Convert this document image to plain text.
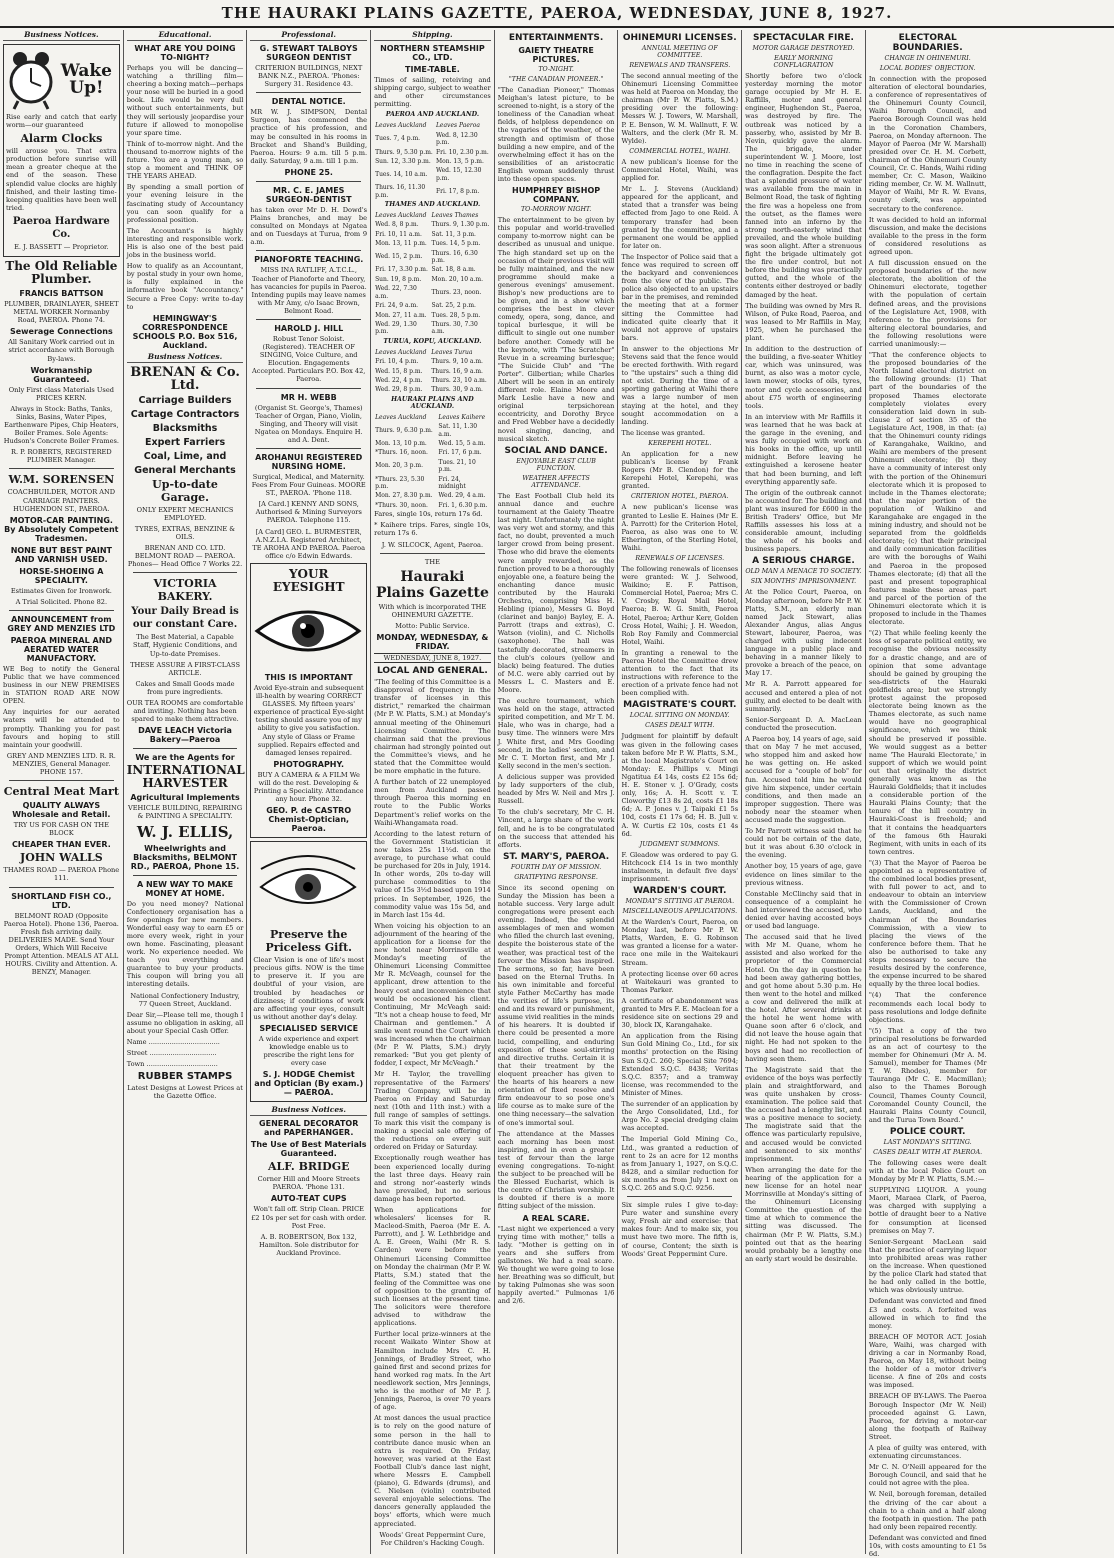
THE HAURAKI PLAINS GAZETTE, PAEROA, WEDNESDAY, JUNE 8, 1927.
Business Notices.
Wake Up!
Rise early and catch that early worm—our guaranteed
Alarm Clocks
will arouse you. That extra production before sunrise will mean a greater cheque at the end of the season. These splendid value clocks are highly finished, and their lasting time-keeping qualities have been well tried.
Paeroa Hardware Co.
E. J. BASSETT — Proprietor.
The Old Reliable Plumber.
FRANCIS BATTSON
PLUMBER, DRAINLAYER, SHEET METAL WORKER Normanby Road, PAEROA. Phone 74.
Sewerage Connections
All Sanitary Work carried out in strict accordance with Borough By-laws.
Workmanship Guaranteed.
Only First class Materials Used PRICES KERN.
Always in Stock: Baths, Tanks, Sinks, Basins, Water Pipes, Earthenware Pipes, Chip Heaters, Boiler Frames. Sole Agents: Hudson's Concrete Boiler Frames.
R. P. ROBERTS, REGISTERED PLUMBER Manager.
W.M. SORENSEN
COACHBUILDER, MOTOR AND CARRIAGE PAINTERS. HUGHENDON ST., PAEROA.
MOTOR-CAR PAINTING. By Absolutely Competent Tradesmen.
NONE BUT BEST PAINT AND VARNISH USED.
HORSE-SHOEING A SPECIALITY.
Estimates Given for Ironwork.
A Trial Solicited. Phone 82.
ANNOUNCEMENT from GREY AND MENZIES LTD
PAEROA MINERAL AND AERATED WATER MANUFACTORY.
WE Beg to notify the General Public that we have commenced business in our NEW PREMISES in STATION ROAD ARE NOW OPEN.
Any inquiries for our aerated waters will be attended to promptly. Thanking you for past favours and hoping to still maintain your goodwill.
GREY AND MENZIES LTD. R. R. MENZIES, General Manager. PHONE 157.
Central Meat Mart
QUALITY ALWAYS Wholesale and Retail.
TRY US FOR CASH ON THE BLOCK
CHEAPER THAN EVER.
JOHN WALLS
THAMES ROAD — PAEROA Phone 111.
SHORTLAND FISH CO., LTD.
BELMONT ROAD (Opposite Paeroa Hotel). Phone 136, Paeroa. Fresh fish arriving daily. DELIVERIES MADE. Send Your Orders, Which Will Receive Prompt Attention. MEALS AT ALL HOURS. Civility and Attention. A. BENZY, Manager.
Educational.
WHAT ARE YOU DOING TO-NIGHT?
Perhaps you will be dancing—watching a thrilling film—cheering a boxing match—perhaps your nose will be buried in a good book. Life would be very dull without such entertainments, but they will seriously jeopardise your future if allowed to monopolise your spare time.
Think of to-morrow night. And the thousand to-morrow nights of the future. You are a young man, so stop a moment and THINK OF THE YEARS AHEAD.
By spending a small portion of your evening leisure in the fascinating study of Accountancy you can soon qualify for a professional position.
The Accountant's is highly interesting and responsible work. His is also one of the best paid jobs in the business world.
How to qualify as an Accountant, by postal study in your own home, is fully explained in the informative book "Accountancy." Secure a Free Copy: write to-day to
HEMINGWAY'S CORRESPONDENCE SCHOOLS P.O. Box 516, Auckland.
Business Notices.
BRENAN & Co. Ltd.
Carriage Builders
Cartage Contractors
Blacksmiths
Expert Farriers
Coal, Lime, and
General Merchants
Up-to-date Garage.
ONLY EXPERT MECHANICS EMPLOYED.
TYRES, EXTRAS, BENZINE & OILS.
BRENAN AND CO. LTD. BELMONT ROAD — PAEROA. Phones— Head Office 7 Works 22.
VICTORIA BAKERY.
Your Daily Bread is our constant Care.
The Best Material, a Capable Staff, Hygienic Conditions, and Up-to-date Premises.
THESE ASSURE A FIRST-CLASS ARTICLE.
Cakes and Small Goods made from pure ingredients.
OUR TEA ROOMS are comfortable and inviting. Nothing has been spared to make them attractive.
DAVE LEACH Victoria Bakery—Paeroa
We are the Agents for
INTERNATIONAL HARVESTER
Agricultural Implements
VEHICLE BUILDING, REPAIRING & PAINTING A SPECIALITY.
W. J. ELLIS,
Wheelwrights and Blacksmiths, BELMONT RD., PAEROA, Phone 15.
A NEW WAY TO MAKE MONEY AT HOME.
Do you need money? National Confectionery organisation has a few openings for new members. Wonderful easy way to earn £5 or more every week, right in your own home. Fascinating, pleasant work. No experience needed. We teach you everything and guarantee to buy your products. This coupon will bring you all interesting details.
National Confectionery Industry, 77 Queen Street, Auckland.
Dear Sir,—Please tell me, though I assume no obligation in asking, all about your Special Cash Offer.
Name ..................................
Street ................................
Town ..................................
RUBBER STAMPS
Latest Designs at Lowest Prices at the Gazette Office.
Professional.
G. STEWART TALBOYS SURGEON DENTIST
CRITERION BUILDINGS, NEXT BANK N.Z., PAEROA. 'Phones: Surgery 31. Residence 43.
DENTAL NOTICE.
MR W. J. SIMPSON, Dental Surgeon, has commenced the practice of his profession, and may be consulted in his rooms in Bracket and Shand's Building, Paeroa. Hours: 9 a.m. till 5 p.m. daily. Saturday, 9 a.m. till 1 p.m.
PHONE 25.
MR. C. E. JAMES SURGEON-DENTIST
has taken over Mr D. H. Dowd's Plains branches, and may be consulted on Mondays at Ngatea and on Tuesdays at Turua, from 9 a.m.
PIANOFORTE TEACHING.
MISS INA RATLIFF, A.T.C.L., Teacher of Pianoforte and Theory, has vacancies for pupils in Paeroa. Intending pupils may leave names with Mr Amy, c/o Isaac Brown, Belmont Road.
HAROLD J. HILL
Robust Tenor Soloist. (Registered). TEACHER OF SINGING, Voice Culture, and Elocution. Engagements Accepted. Particulars P.O. Box 42, Paeroa.
MR H. WEBB
(Organist St. George's, Thames) Teacher of Organ, Piano, Violin, Singing, and Theory will visit Ngatea on Mondays. Enquire H. and A. Dent.
AROHANUI REGISTERED NURSING HOME.
Surgical, Medical, and Maternity. Fees From Four Guineas. MOORE ST., PAEROA. 'Phone 118.
[A Card.] KENNY AND SONS, Authorised & Mining Surveyors PAEROA. Telephone 115.
[A Card] GEO. L. BURMESTER, A.N.Z.I.A. Registered Architect, TE AROHA AND PAEROA. Paeroa office c/o Edwin Edwards.
YOUR EYESIGHT
THIS IS IMPORTANT
Avoid Eye-strain and subsequent ill-health by wearing CORRECT GLASSES. My fifteen years' experience of practical Eye-sight testing should assure you of my ability to give you satisfaction. Any style of Glass or Frame supplied. Repairs effected and damaged lenses repaired.
PHOTOGRAPHY.
BUY A CAMERA & A FILM We will do the rest. Developing & Printing a Speciality. Attendance any hour. Phone 32.
GEO. P. de CASTRO Chemist-Optician, Paeroa.
Preserve the Priceless Gift.
Clear Vision is one of life's most precious gifts. NOW is the time to preserve it. If you are doubtful of your vision, are troubled by headaches or dizziness; if conditions of work are affecting your eyes, consult us without another day's delay.
SPECIALISED SERVICE
A wide experience and expert knowledge enable us to prescribe the right lens for every case
S. J. HODGE Chemist and Optician (By exam.) — PAEROA.
Business Notices.
GENERAL DECORATOR and PAPERHANGER.
The Use of Best Materials Guaranteed.
ALF. BRIDGE
Corner Hill and Moore Streets PAEROA. 'Phone 131.
AUTO-TEAT CUPS
Won't fall off. Strip Clean. PRICE £2 10s per set for cash with order. Post Free.
A. B. ROBERTSON, Box 132, Hamilton. Sole distributor for Auckland Province.
Shipping.
NORTHERN STEAMSHIP CO., LTD.
TIME-TABLE.
Times of sailing, reteiving and shipping cargo, subject to weather and other circumstances permitting.
PAEROA AND AUCKLAND.
Leaves Auckland	Leaves Paeroa
Tues. 7, 4 p.m.	Wed. 8, 12.30 p.m.
Thurs. 9, 5.30 p.m.	Fri. 10, 2.30 p.m.
Sun. 12, 3.30 p.m.	Mon. 13, 5 p.m.
Tues. 14, 10 a.m.	Wed. 15, 12.30 p.m.
Thurs. 16, 11.30 p.m.	Fri. 17, 8 p.m.
THAMES AND AUCKLAND.
Leaves Auckland	Leaves Thames
Wed. 8, 8 p.m.	Thurs. 9, 1.30 p.m.
Fri. 10, 11 a.m.	Sat. 11, 3 p.m.
Mon. 13, 11 p.m.	Tues. 14, 5 p.m.
Wed. 15, 2 p.m.	Thurs. 16, 6.30 p.m.
Fri. 17, 3.30 p.m.	Sat. 18, 8 a.m.
Sun. 19, 8 p.m.	Mon. 20, 10 a.m.
Wed. 22, 7.30 a.m.	Thurs. 23, noon.
Fri. 24, 9 a.m.	Sat. 25, 2 p.m.
Mon. 27, 11 a.m.	Tues. 28, 5 p.m.
Wed. 29, 1.30 p.m.	Thurs. 30, 7.30 a.m.
TURUA, KOPU, AUCKLAND.
Leaves Auckland	Leaves Turua
Fri. 10, 4 p.m.	Thurs. 9, 10 a.m.
Wed. 15, 8 p.m.	Thurs. 16, 9 a.m.
Wed. 22, 4 p.m.	Thurs. 23, 10 a.m.
Wed. 29, 8 p.m.	Thurs. 30, 9 a.m.
HAURAKI PLAINS AND AUCKLAND.
Leaves Auckland	Leaves Kaihere
Thurs. 9, 6.30 p.m.	Sat. 11, 1.30 a.m.
Mon. 13, 10 p.m.	Wed. 15, 5 a.m.
*Thurs. 16, noon.	Fri. 17, 6 p.m.
Mon. 20, 3 p.m.	Tues. 21, 10 p.m.
*Thurs. 23, 5.30 p.m.	Fri. 24, midnight
Mon. 27, 8.30 p.m.	Wed. 29, 4 a.m.
*Thurs. 30, noon.	Fri. 1, 6.30 p.m.
Fares, single 10s, return 17s 6d.
* Kaihere trips. Fares, single 10s, return 17s 6.
J. W. SILCOCK, Agent, Paeroa.
THE
Hauraki Plains Gazette
With which is incorporated THE OHINEMURI GAZETTE.
Motto: Public Service.
MONDAY, WEDNESDAY, & FRIDAY.
WEDNESDAY, JUNE 8, 1927.
LOCAL AND GENERAL.
"The feeling of this Committee is a disapproval of frequency in the transfer of licenses in this district," remarked the chairman (Mr P. W. Platts, S.M.) at Monday's annual meeting of the Ohinemuri Licensing Committee. The chairman said that the previous chairman had strongly pointed out the Committee's views, and he stated that the Committee would be more emphatic in the future.
A further batch of 22 unemployed men from Auckland passed through Paeroa this morning en route to the Public Works Department's relief works on the Waihi-Whangamata road.
According to the latest return of the Government Statistician it now takes 25s 11½d. on the average, to purchase what could be purchased for 20s in July, 1914. In other words, 20s to-day will purchase commodities to the value of 15s 3½d based upon 1914 prices. In September, 1926, the commodity value was 15s 5d, and in March last 15s 4d.
When voicing his objection to an adjournment of the hearing of the application for a license for the new hotel near Morrinsville at Monday's meeting of the Ohinemuri Licensing Committee Mr R. McVeagh, counsel for the applicant, drew attention to the heavy cost and inconvenience that would be occasioned his client. Continuing, Mr McVeagh said: "It's not a cheap house to feed, Mr Chairman and gentlemen." A smile went round the Court which was increased when the chairman (Mr P. W. Platts, S.M.) dryly remarked: "But you get plenty of fodder, I expect, Mr McVeagh."
Mr H. Taylor, the travelling representative of the Farmers' Trading Company, will be in Paeroa on Friday and Saturday next (10th and 11th inst.) with a full range of samples of settings. To mark this visit the company is making a special sale offering of the reductions on every suit ordered on Friday or Saturday.
Exceptionally rough weather has been experienced locally during the last three days. Heavy rain and strong nor'-easterly winds have prevailed, but no serious damage has been reported.
When applications for wholesalers' licenses for R. Macleod-Smith, Paeroa (Mr E. A. Parrott), and J. W. Lethbridge and A. E. Green, Waihi (Mr R. S. Carden) were before the Ohinemuri Licensing Committee on Monday the chairman (Mr P. W. Platts, S.M.) stated that the feeling of the Committee was one of opposition to the granting of such licenses at the present time. The solicitors were therefore advised to withdraw the applications.
Further local prize-winners at the recent Waikato Winter Show at Hamilton include Mrs C. H. Jennings, of Bradley Street, who gained first and second prizes for hand worked rag mats. In the Art needlework section, Mrs Jennings, who is the mother of Mr P. J. Jennings, Paeroa, is over 70 years of age.
At most dances the usual practice is to rely on the good nature of some person in the hall to contribute dance music when an extra is required. On Friday, however, was varied at the East Football Club's dance last night, where Messrs E. Campbell (piano), G. Edwards (drums), and C. Nielsen (violin) contributed several enjoyable selections. The dancers generally applauded the boys' efforts, which were much appreciated.
Woods' Great Peppermint Cure, For Children's Hacking Cough.
ENTERTAINMENTS.
GAIETY THEATRE PICTURES.
TO-NIGHT.
"THE CANADIAN PIONEER."
"The Canadian Pioneer," Thomas Meighan's latest picture, to be screened to-night, is a story of the loneliness of the Canadian wheat fields, of helpless dependence on the vagaries of the weather, of the strength and optimism of those building a new empire, and of the overwhelming effect it has on the sensibilities of an aristocratic English woman suddenly thrust into these open spaces.
HUMPHREY BISHOP COMPANY.
TO-MORROW NIGHT.
The entertainment to be given by this popular and world-travelled company to-morrow night can be described as unusual and unique. The high standard set up on the occasion of their previous visit will be fully maintained, and the new programme should make a generous evenings' amusement. Bishop's new productions are to be given, and in a show which comprises the best in clever comedy, opera, song, dance, and topical burlesque, it will be difficult to single out one number before another. Comedy will be the keynote, with "The Scratcher" Revue in a screaming burlesque; "The Suicide Club" and "The Porter". Gilbertian; while Charles Albert will be seen in an entirely different role. Elaine Moore and Mark Leslie have a new and original terpsichorean eccentricity, and Dorothy Bryce and Fred Webber have a decidedly novel singing, dancing, and musical sketch.
SOCIAL AND DANCE.
ENJOYABLE EAST CLUB FUNCTION.
WEATHER AFFECTS ATTENDANCE.
The East Football Club held its annual dance and euchre tournament at the Gaiety Theatre last night. Unfortunately the night was very wet and stormy, and this fact, no doubt, prevented a much larger crowd from being present. Those who did brave the elements were amply rewarded, as the function proved to be a thoroughly enjoyable one, a feature being the enchanting dance music contributed by the Hauraki Orchestra, comprising Miss H. Hebling (piano), Messrs G. Boyd (clarinet and banjo) Bayley, E. A. Parrott (traps and extras), C. Watson (violin), and C. Nicholls (saxophone). The hall was tastefully decorated, streamers in the club's colours (yellow and black) being featured. The duties of M.C. were ably carried out by Messrs L. C. Masters and E. Moore.
The euchre tournament, which was held on the stage, attracted spirited competition, and Mr T. M. Hale, who was in charge, had a busy time. The winners were Mrs J. White first, and Mrs Gooding second, in the ladies' section, and Mr C. T. Morton first, and Mr J. Kelly second in the men's section.
A delicious supper was provided by lady supporters of the club, headed by Mrs W. Neil and Mrs J. Russell.
To the club's secretary, Mr C. H. Vincent, a large share of the work fell, and he is to be congratulated on the success that attended his efforts.
ST. MARY'S, PAEROA.
FOURTH DAY OF MISSION.
GRATIFYING RESPONSE.
Since its second opening on Sunday the Mission has been a notable success. Very large adult congregations were present each evening. Indeed, the splendid assemblages of men and women who filled the church last evening, despite the boisterous state of the weather, was practical test of the fervour the Mission has inspired. The sermons, so far, have been based on the Eternal Truths. In his own inimitable and forceful style Father McCarthy has made the verities of life's purpose, its end and its reward or punishment, assume vivid realities in the minds of his hearers. It is doubted if there could be presented a more lucid, compelling, and enduring exposition of these soul-stirring and directive truths. Certain it is that their treatment by the eloquent preacher has given to the hearts of his hearers a new orientation of fixed resolve and firm endeavour to so pose one's life course as to make sure of the one thing necessary—the salvation of one's immortal soul.
The attendance at the Masses each morning has been most inspiring, and in even a greater test of fervour than the large evening congregations. To-night the subject to be preached will be the Blessed Eucharist, which is the centre of Christian worship. It is doubted if there is a more fitting subject of the mission.
A REAL SCARE.
"Last night we experienced a very trying time with mother," tells a lady. "Mother is getting on in years and she suffers from gallstones. We had a real scare. We thought we were going to lose her. Breathing was so difficult, but by taking Pulmonas she was soon happily averted." Pulmonas 1/6 and 2/6.
OHINEMURI LICENSES.
ANNUAL MEETING OF COMMITTEE.
RENEWALS AND TRANSFERS.
The second annual meeting of the Ohinemuri Licensing Committee was held at Paeroa on Monday, the chairman (Mr P. W. Platts, S.M.) presiding over the following: Messrs W. J. Towers, W. Marshall, P. E. Benson, W. M. Wallnutt, F. W. Walters, and the clerk (Mr R. M. Wylde).
COMMERCIAL HOTEL, WAIHI.
A new publican's license for the Commercial Hotel, Waihi, was applied for.
Mr L. J. Stevens (Auckland) appeared for the applicant, and stated that a transfer was being effected from Jago to one Reid. A temporary transfer had been granted by the committee, and a permanent one would be applied for later on.
The Inspector of Police said that a fence was required to screen off the backyard and conveniences from the view of the public. The police also objected to an upstairs bar in the premises, and reminded the meeting that at a former sitting the Committee had indicated quite clearly that it would not approve of upstairs bars.
In answer to the objections Mr Stevens said that the fence would be erected forthwith. With regard to "the upstairs" such a thing did not exist. During the time of a sporting gathering at Waihi there was a large number of men staying at the hotel, and they sought accommodation on a landing.
The license was granted.
KEREPEHI HOTEL.
An application for a new publican's license by Frank Rogers (Mr B. Clendon) for the Kerepehi Hotel, Kerepehi, was granted.
CRITERION HOTEL, PAEROA.
A new publican's license was granted to Leslie E. Haines (Mr E. A. Parrott) for the Criterion Hotel, Paeroa, as also was one to W. Etherington, of the Sterling Hotel, Waihi.
RENEWALS OF LICENSES.
The following renewals of licenses were granted: W. J. Selwood, Waikino; E. F. Pattison, Commercial Hotel, Paeroa; Mrs C. V. Crosby, Royal Mail Hotel, Paeroa; B. W. G. Smith, Paeroa Hotel, Paeroa; Arthur Kerr, Golden Cross Hotel, Waihi; J. H. Weedon, Rob Roy Family and Commercial Hotel, Waihi.
In granting a renewal to the Paeroa Hotel the Committee drew attention to the fact that its instructions with reference to the erection of a private fence had not been complied with.
MAGISTRATE'S COURT.
LOCAL SITTING ON MONDAY.
CASES DEALT WITH.
Judgment for plaintiff by default was given in the following cases taken before Mr P. W. Platts, S.M., at the local Magistrate's Court on Monday: E. Phillips v. Mingi Ngatitua £4 14s, costs £2 15s 6d; H. E. Stoner v. J. O'Grady, costs only, 16s; A. H. Scott v. T. Cloworthy £13 8s 2d, costs £1 18s 6d; A. P. Jones v. J. Taipaki £1 5s 10d, costs £1 17s 6d; H. B. Jull v. A. W. Curtis £2 10s, costs £1 4s 6d.
JUDGMENT SUMMONS.
F. Gleadow was ordered to pay G. Hitchcock £14 1s in two monthly instalments, in default five days' imprisonment.
WARDEN'S COURT.
MONDAY'S SITTING AT PAEROA.
MISCELLANEOUS APPLICATIONS.
At the Warden's Court, Paeroa, on Monday last, before Mr P. W. Platts, Warden, E. G. Robinson was granted a license for a water-race one mile in the Waitekauri Stream.
A protecting license over 60 acres at Waitekauri was granted to Thomas Parker.
A certificate of abandonment was granted to Mrs F. E. Maclean for a residence site on sections 29 and 30, block IX, Karangahake.
An application from the Rising Sun Gold Mining Co., Ltd., for six months' protection on the Rising Sun S.Q.C. 260; Special Site 7694; Extended S.Q.C. 8438; Veritas S.Q.C. 8357; and a tramway license, was recommended to the Minister of Mines.
The surrender of an application by the Argo Consolidated, Ltd., for Argo No. 2 special dredging claim was accepted.
The Imperial Gold Mining Co., Ltd., was granted a reduction of rent to 2s an acre for 12 months as from January 1, 1927, on S.Q.C. 8428, and a similar reduction for six months as from July 1 next on S.Q.C. 265 and S.Q.C. 9256.
Six simple rules I give to-day: Pure water and sunshine every way, Fresh air and exercise: that makes four: And to make six, you must have two more. The fifth is, of course, Content; the sixth is Woods' Great Peppermint Cure.
SPECTACULAR FIRE.
MOTOR GARAGE DESTROYED.
EARLY MORNING CONFLAGRATION
Shortly before two o'clock yesterday morning the motor garage occupied by Mr H. E. Raffills, motor and general engineer, Hughendon St., Paeroa, was destroyed by fire. The outbreak was noticed by a passerby, who, assisted by Mr B. Nevin, quickly gave the alarm. The brigade, under superintendent W. J. Moore, lost no time in reaching the scene of the conflagration. Despite the fact that a splendid pressure of water was available from the main in Belmont Road, the task of fighting the fire was a hopeless one from the outset, as the flames were fanned into an inferno by the strong north-easterly wind that prevailed, and the whole building was soon alight. After a strenuous fight the brigade ultimately got the fire under control, but not before the building was practically gutted, and the whole of the contents either destroyed or badly damaged by the heat.
The building was owned by Mrs R. Wilson, of Puke Road, Paeroa, and was leased to Mr Raffills in May, 1925, when he purchased the plant.
In addition to the destruction of the building, a five-seater Whitley car, which was uninsured, was burnt, as also was a motor cycle, lawn mower, stocks of oils, tyres, motor and cycle accessories, and about £75 worth of engineering tools.
In an interview with Mr Raffills it was learned that he was back at the garage in the evening, and was fully occupied with work on his books in the office, up until midnight. Before leaving he extinguished a kerosene heater that had been burning, and left everything apparently safe.
The origin of the outbreak cannot be accounted for. The building and plant was insured for £600 in the British Traders' Office, but Mr Raffills assesses his loss at a considerable amount, including the whole of his books and business papers.
A SERIOUS CHARGE.
OLD MAN A MENACE TO SOCIETY.
SIX MONTHS' IMPRISONMENT.
At the Police Court, Paeroa, on Monday afternoon, before Mr P. W. Platts, S.M., an elderly man named Jack Stewart, alias Alexander Angus, alias Angus Stewart, labourer, Paeroa, was charged with using indecent language in a public place and behaving in a manner likely to provoke a breach of the peace, on May 17.
Mr R. A. Parrott appeared for accused and entered a plea of not guilty, and elected to be dealt with summarily.
Senior-Sergeant D. A. MacLean conducted the prosecution.
A Paeroa boy, 14 years of age, said that on May 7 he met accused, who stopped him and asked how he was getting on. He asked accused for a "couple of bob" for fun. Accused told him he would give him sixpence, under certain conditions, and then made an improper suggestion. There was nobody near the steamer when accused made the suggestion.
To Mr Parrott witness said that he could not be certain of the date, but it was about 6.30 o'clock in the evening.
Another boy, 15 years of age, gave evidence on lines similar to the previous witness.
Constable McClinchy said that in consequence of a complaint he had interviewed the accused, who denied ever having accosted boys or used bad language.
The accused said that he lived with Mr M. Quane, whom he assisted and also worked for the proprietor of the Commercial Hotel. On the day in question he had been away gathering bottles, and got home about 5.30 p.m. He then went to the hotel and milked a cow and delivered the milk at the hotel. After several drinks at the hotel he went home with Quane soon after 6 o'clock, and did not leave the house again that night. He had not spoken to the boys and had no recollection of having seen them.
The Magistrate said that the evidence of the boys was perfectly plain and straightforward, and was quite unshaken by cross-examination. The police said that the accused had a lengthy list, and was a positive menace to society. The magistrate said that the offence was particularly repulsive, and accused would be convicted and sentenced to six months' imprisonment.
When arranging the date for the hearing of the application for a new license for an hotel near Morrinsville at Monday's sitting of the Ohinemuri Licensing Committee the question of the time at which to commence the sitting was discussed. The chairman (Mr P. W. Platts, S.M.) pointed out that as the hearing would probably be a lengthy one an early start would be desirable.
ELECTORAL BOUNDARIES.
CHANGE IN OHINEMURI.
LOCAL BODIES' OBJECTION.
In connection with the proposed alteration of electoral boundaries, a conference of representatives of the Ohinemuri County Council, Waihi Borough Council, and Paeroa Borough Council was held in the Coronation Chambers, Paeroa, on Monday afternoon. The Mayor of Paeroa (Mr W. Marshall) presided over Cr. H. M. Corbett, chairman of the Ohinemuri County Council, Cr. C. Hands, Waihi riding member, Cr. C. Mason, Waikino riding member, Cr. W. M. Wallnutt, Mayor of Waihi, Mr R. W. Evans, county clerk, was appointed secretary to the conference.
It was decided to hold an informal discussion, and make the decisions available to the press in the form of considered resolutions as agreed upon.
A full discussion ensued on the proposed boundaries of the new electorate, the abolition of the Ohinemuri electorate, together with the population of certain defined areas, and the provisions of the Legislature Act, 1908, with reference to the provisions for altering electoral boundaries, and the following resolutions were carried unanimously:—
"That the conference objects to the proposed boundaries of the North Island electoral district on the following grounds: (1) That part of the boundaries of the proposed Thames electorate completely violates every consideration laid down in sub-clause 2 of section 35 of the Legislature Act, 1908, in that: (a) that the Ohinemuri county ridings of Karangahake, Waikino, and Waihi are members of the present Ohinemuri electorate; (b) they have a community of interest only with the portion of the Ohinemuri electorate which it is proposed to include in the Thames electorate; that the major portion of the population of Waikino and Karangahake are engaged in the mining industry, and should not be separated from the goldfields electorate; (c) that their principal and daily communication facilities are with the boroughs of Waihi and Paeroa in the proposed Thames electorate; (d) that all the past and present topographical features make these areas part and parcel of the portion of the Ohinemuri electorate which it is proposed to include in the Thames electorate.
"(2) That while feeling keenly the loss of separate political entity, we recognise the obvious necessity for a drastic change, and are of opinion that some advantage should be gained by grouping the sea-districts of the Hauraki goldfields area; but we strongly protest against the proposed electorate being known as the Thames electorate, as such name would have no geographical significance, which we think should be preserved if possible. We would suggest as a better name 'The Hauraki Electorate,' in support of which we would point out that originally the district generally was known as the Hauraki Goldfields; that it includes a considerable portion of the Hauraki Plains County; that the tenure of the hill country in Hauraki-Coast is freehold; and that it contains the headquarters of the famous 6th Hauraki Regiment, with units in each of its town centres.
"(3) That the Mayor of Paeroa be appointed as a representative of the combined local bodies present, with full power to act, and to endeavour to obtain an interview with the Commissioner of Crown Lands, Auckland, and the chairman of the Boundaries Commission, with a view to placing the views of the conference before them. That he also be authorised to take any steps necessary to secure the results desired by the conference, the expense incurred to be shared equally by the three local bodies.
"(4) That the conference recommends each local body to pass resolutions and lodge definite objections.
"(5) That a copy of the two principal resolutions be forwarded as an act of courtesy to the member for Ohinemuri (Mr A. M. Samuel), member for Thames (Mr T. W. Rhodes), member for Tauranga (Mr C. E. Macmillan); also to the Thames Borough Council, Thames County Council, Coromandel County Council, the Hauraki Plains County Council, and the Turua Town Board."
POLICE COURT.
LAST MONDAY'S SITTING.
CASES DEALT WITH AT PAEROA.
The following cases were dealt with at the local Police Court on Monday by Mr P. W. Platts, S.M.:—
SUPPLYING LIQUOR. A young Maori, Maraea Clark, of Paeroa, was charged with supplying a bottle of draught beer to a Native for consumption at licensed premises on May 7.
Senior-Sergeant MacLean said that the practice of carrying liquor into prohibited areas was rather on the increase. When questioned by the police Clark had stated that he had only called in the bottle, which was obviously untrue.
Defendant was convicted and fined £3 and costs. A forfeited was allowed in which to find the money.
BREACH OF MOTOR ACT. Josiah Ware, Waihi, was charged with driving a car in Normanby Road, Paeroa, on May 18, without being the holder of a motor driver's license. A fine of 20s and costs was imposed.
BREACH OF BY-LAWS. The Paeroa Borough Inspector (Mr W. Neil) proceeded against G. Lawn, Paeroa, for driving a motor-car along the footpath of Railway Street.
A plea of guilty was entered, with extenuating circumstances.
Mr C. N. O'Neill appeared for the Borough Council, and said that he could not agree with the plea.
W. Neil, borough foreman, detailed the driving of the car about a chain to a chain and a half along the footpath in question. The path had only been repaired recently.
Defendant was convicted and fined 10s, with costs amounting to £1 5s 6d.
